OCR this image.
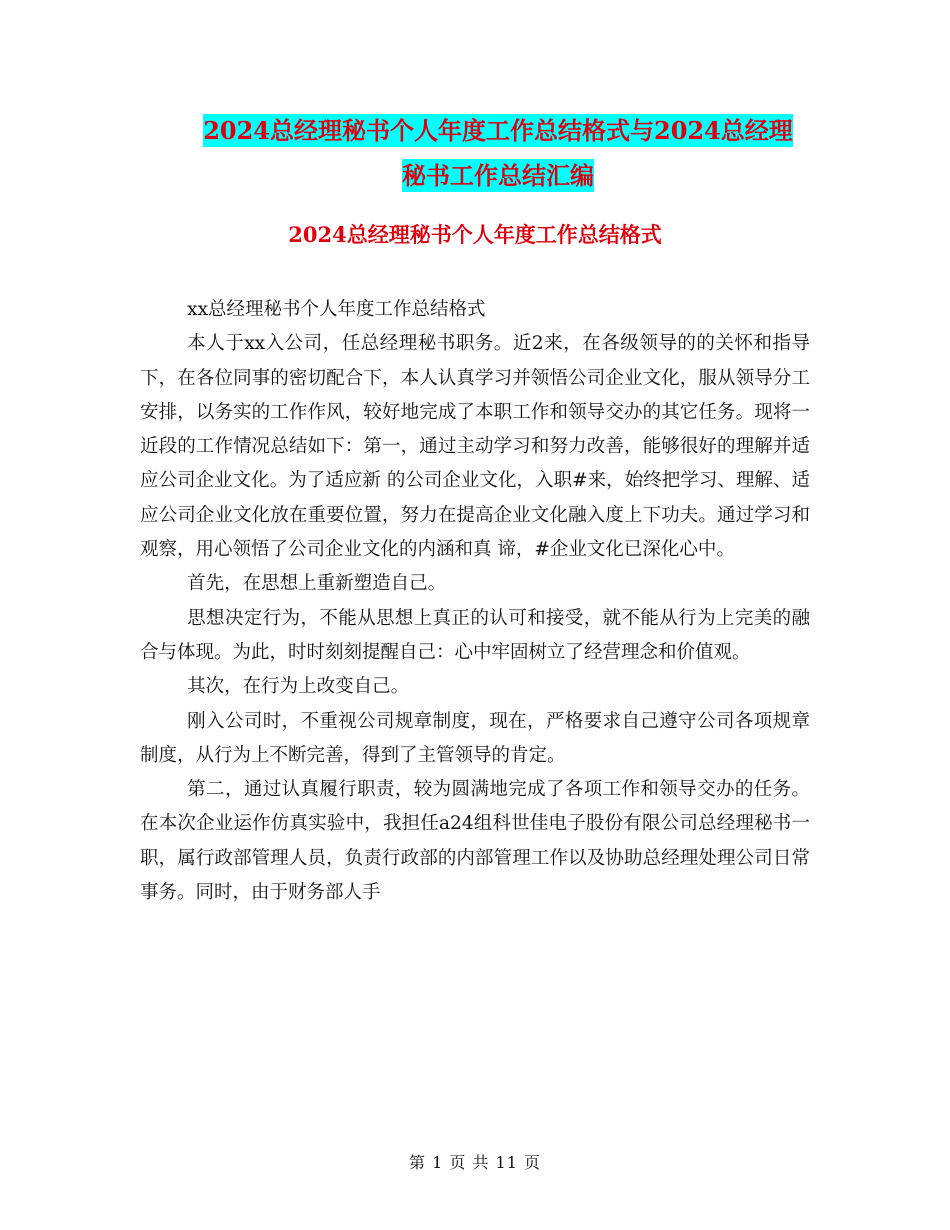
2024总经理秘书个人年度工作总结格式与2024总经理
秘书工作总结汇编
2024总经理秘书个人年度工作总结格式

xx总经理秘书个人年度工作总结格式

本人于xx入公司，任总经理秘书职务。近2来，在各级领导的的关怀和指导下，在各位同事的密切配合下，本人认真学习并领悟公司企业文化，服从领导分工安排，以务实的工作作风，较好地完成了本职工作和领导交办的其它任务。现将一近段的工作情况总结如下：第一，通过主动学习和努力改善，能够很好的理解并适应公司企业文化。为了适应新 的公司企业文化，入职#来，始终把学习、理解、适应公司企业文化放在重要位置，努力在提高企业文化融入度上下功夫。通过学习和观察，用心领悟了公司企业文化的内涵和真 谛，#企业文化已深化心中。

首先，在思想上重新塑造自己。

思想决定行为，不能从思想上真正的认可和接受，就不能从行为上完美的融合与体现。为此，时时刻刻提醒自己：心中牢固树立了经营理念和价值观。

其次，在行为上改变自己。

刚入公司时，不重视公司规章制度，现在，严格要求自己遵守公司各项规章制度，从行为上不断完善，得到了主管领导的肯定。

第二，通过认真履行职责，较为圆满地完成了各项工作和领导交办的任务。在本次企业运作仿真实验中，我担任a24组科世佳电子股份有限公司总经理秘书一职，属行政部管理人员，负责行政部的内部管理工作以及协助总经理处理公司日常事务。同时，由于财务部人手

第 1 页 共 11 页
